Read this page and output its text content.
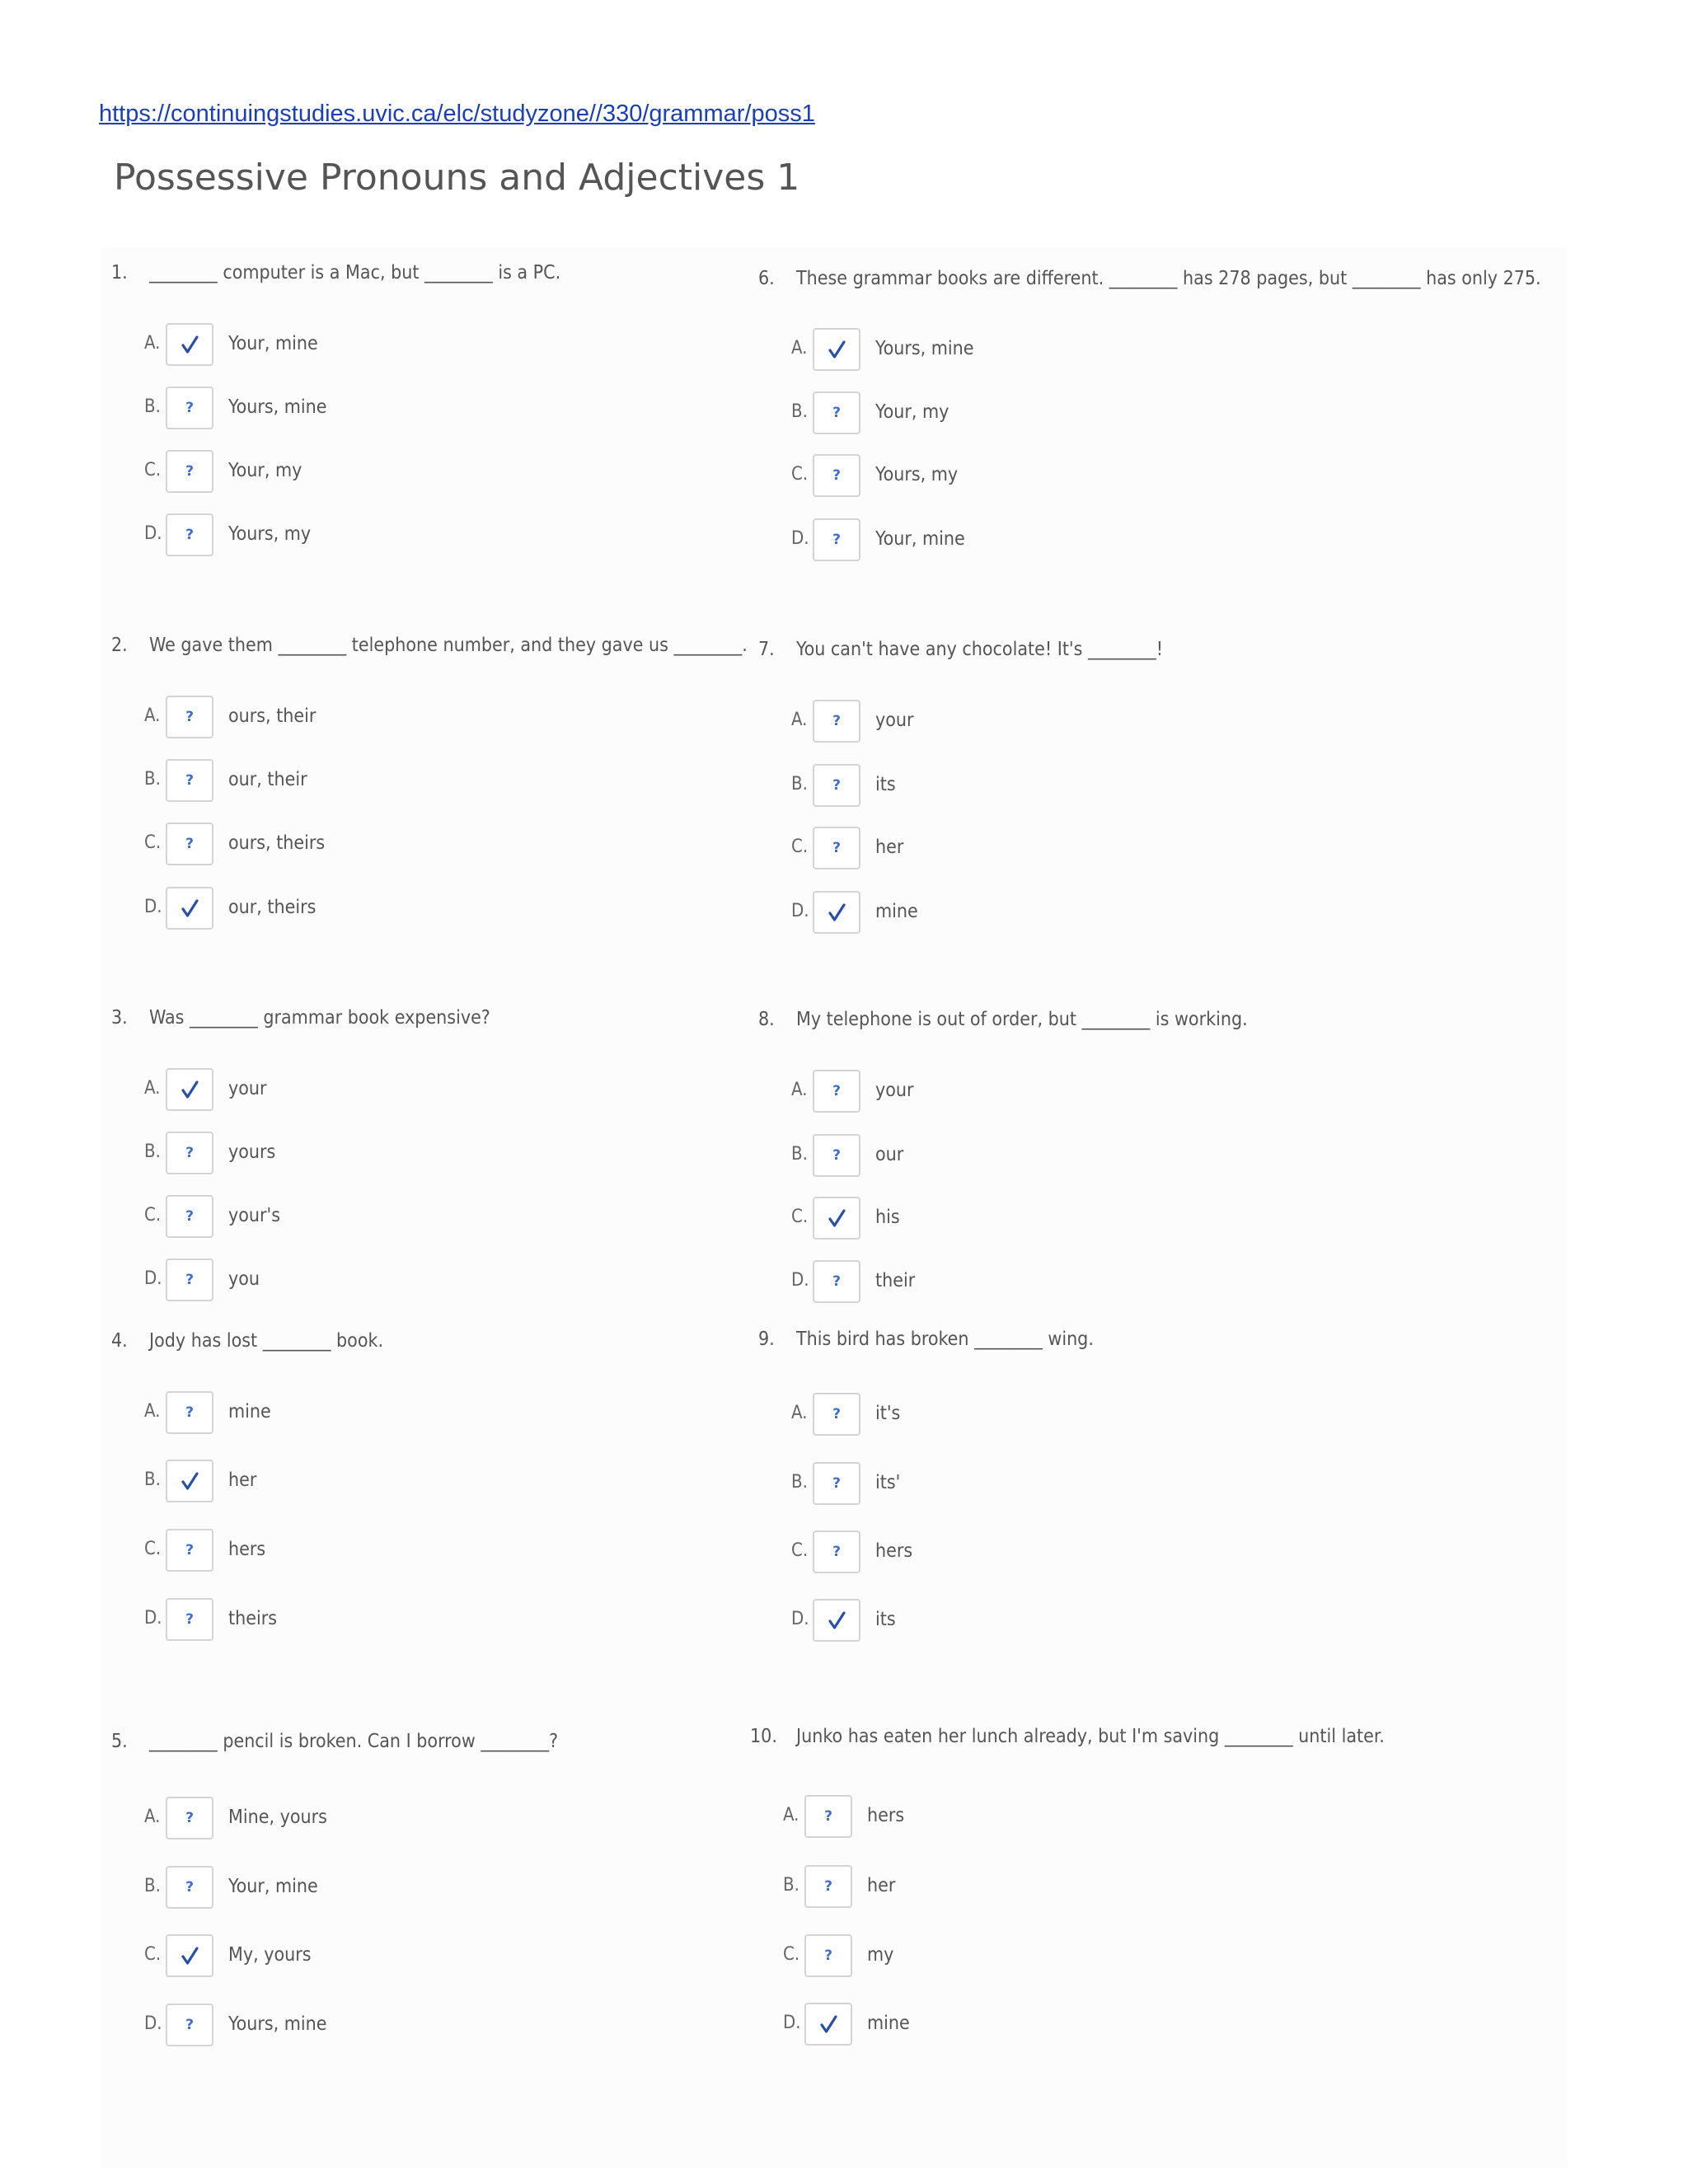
https://continuingstudies.uvic.ca/elc/studyzone//330/grammar/poss1
Possessive Pronouns and Adjectives 1
1. ________ computer is a Mac, but ________ is a PC.
A.	Your, mine
B. ? Yours, mine
C. ? Your, my
D. ? Yours, my
2. We gave them ________ telephone number, and they gave us ________.
A. ? ours, their
B. ? our, their
C. ? ours, theirs
D.	our, theirs
3. Was ________ grammar book expensive?
A.	your
B. ? yours
C. ? your's
D. ? you
4. Jody has lost ________ book.
A. ? mine
B.	her
C. ? hers
D. ? theirs
5. ________ pencil is broken. Can I borrow ________?
A. ? Mine, yours
B. ? Your, mine
C.	My, yours
D. ? Yours, mine
6. These grammar books are different. ________ has 278 pages, but ________ has only 275.
A.	Yours, mine
B. ? Your, my
C. ? Yours, my
D. ? Your, mine
7. You can't have any chocolate! It's ________!
A. ? your
B. ? its
C. ? her
D.	mine
8. My telephone is out of order, but ________ is working.
A. ? your
B. ? our
C.	his
D. ? their
9. This bird has broken ________ wing.
A. ? it's
B. ? its'
C. ? hers
D.	its
10. Junko has eaten her lunch already, but I'm saving ________ until later.
A. ? hers
B. ? her
C. ? my
D.	mine
